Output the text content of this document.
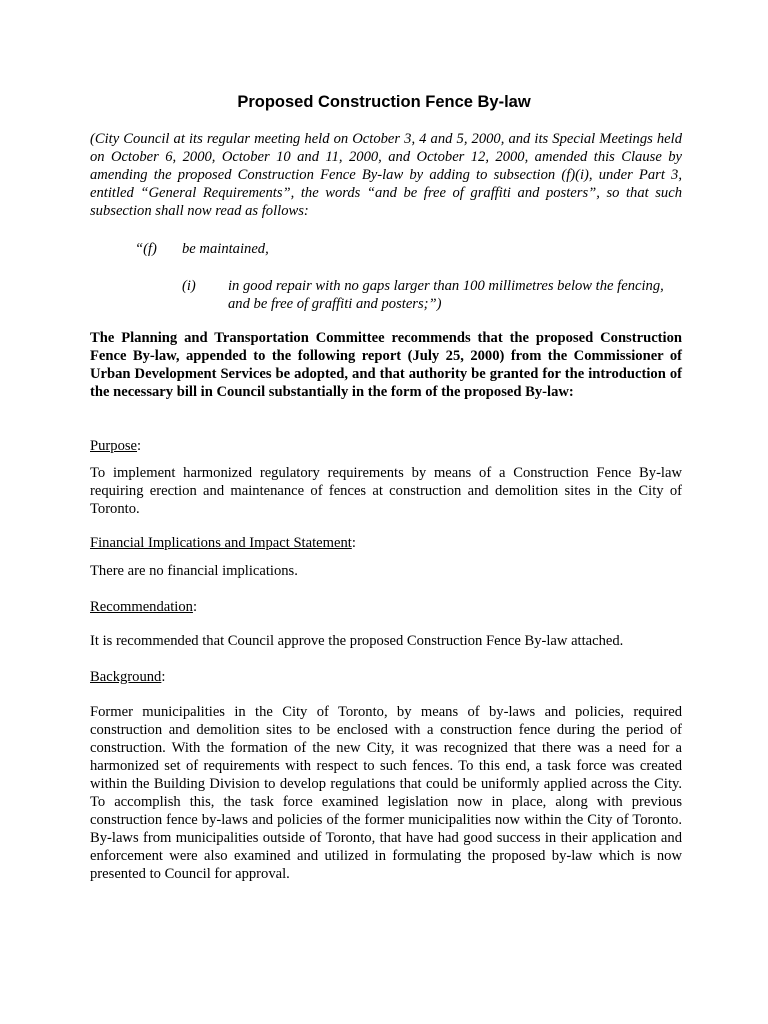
Proposed Construction Fence By-law

(City Council at its regular meeting held on October 3, 4 and 5, 2000, and its Special Meetings held on October 6, 2000, October 10 and 11, 2000, and October 12, 2000, amended this Clause by amending the proposed Construction Fence By-law by adding to subsection (f)(i), under Part 3, entitled “General Requirements”, the words “and be free of graffiti and posters”, so that such subsection shall now read as follows:

“(f) be maintained,

(i) in good repair with no gaps larger than 100 millimetres below the fencing, and be free of graffiti and posters;”)

The Planning and Transportation Committee recommends that the proposed Construction Fence By-law, appended to the following report (July 25, 2000) from the Commissioner of Urban Development Services be adopted, and that authority be granted for the introduction of the necessary bill in Council substantially in the form of the proposed By-law:

Purpose:

To implement harmonized regulatory requirements by means of a Construction Fence By-law requiring erection and maintenance of fences at construction and demolition sites in the City of Toronto.

Financial Implications and Impact Statement:

There are no financial implications.

Recommendation:

It is recommended that Council approve the proposed Construction Fence By-law attached.

Background:

Former municipalities in the City of Toronto, by means of by-laws and policies, required construction and demolition sites to be enclosed with a construction fence during the period of construction. With the formation of the new City, it was recognized that there was a need for a harmonized set of requirements with respect to such fences. To this end, a task force was created within the Building Division to develop regulations that could be uniformly applied across the City. To accomplish this, the task force examined legislation now in place, along with previous construction fence by-laws and policies of the former municipalities now within the City of Toronto. By-laws from municipalities outside of Toronto, that have had good success in their application and enforcement were also examined and utilized in formulating the proposed by-law which is now presented to Council for approval.
